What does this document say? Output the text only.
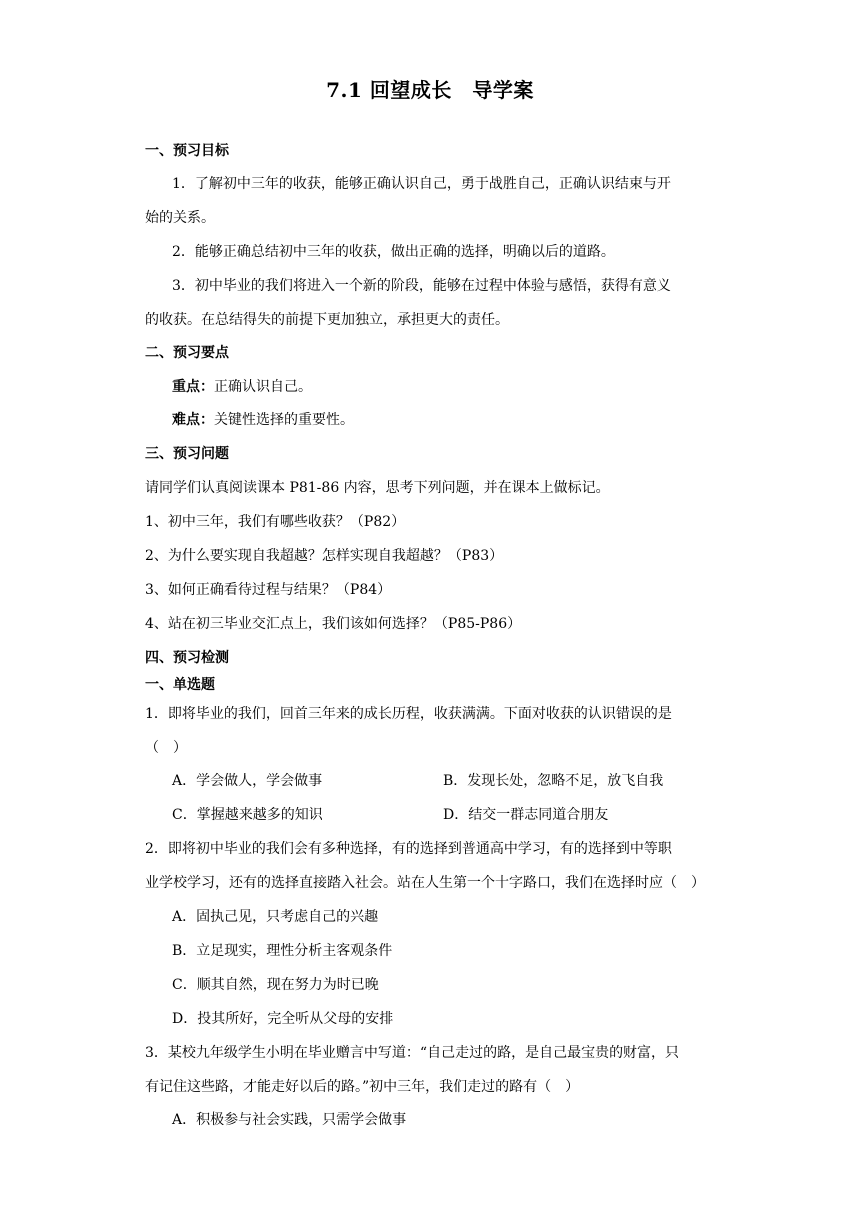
7.1 回望成长　导学案
一、预习目标
1．了解初中三年的收获，能够正确认识自己，勇于战胜自己，正确认识结束与开
始的关系。
2．能够正确总结初中三年的收获，做出正确的选择，明确以后的道路。
3．初中毕业的我们将进入一个新的阶段，能够在过程中体验与感悟，获得有意义
的收获。在总结得失的前提下更加独立，承担更大的责任。
二、预习要点
重点：正确认识自己。
难点：关键性选择的重要性。
三、预习问题
请同学们认真阅读课本 P81-86 内容，思考下列问题，并在课本上做标记。
1、初中三年，我们有哪些收获？（P82）
2、为什么要实现自我超越？怎样实现自我超越？（P83）
3、如何正确看待过程与结果？（P84）
4、站在初三毕业交汇点上，我们该如何选择？（P85-P86）
四、预习检测
一、单选题
1．即将毕业的我们，回首三年来的成长历程，收获满满。下面对收获的认识错误的是
（　）
A．学会做人，学会做事	B．发现长处，忽略不足，放飞自我
C．掌握越来越多的知识	D．结交一群志同道合朋友
2．即将初中毕业的我们会有多种选择，有的选择到普通高中学习，有的选择到中等职
业学校学习，还有的选择直接踏入社会。站在人生第一个十字路口，我们在选择时应（　）
A．固执己见，只考虑自己的兴趣
B．立足现实，理性分析主客观条件
C．顺其自然，现在努力为时已晚
D．投其所好，完全听从父母的安排
3．某校九年级学生小明在毕业赠言中写道：“自己走过的路，是自己最宝贵的财富，只
有记住这些路，才能走好以后的路。”初中三年，我们走过的路有（　）
A．积极参与社会实践，只需学会做事
